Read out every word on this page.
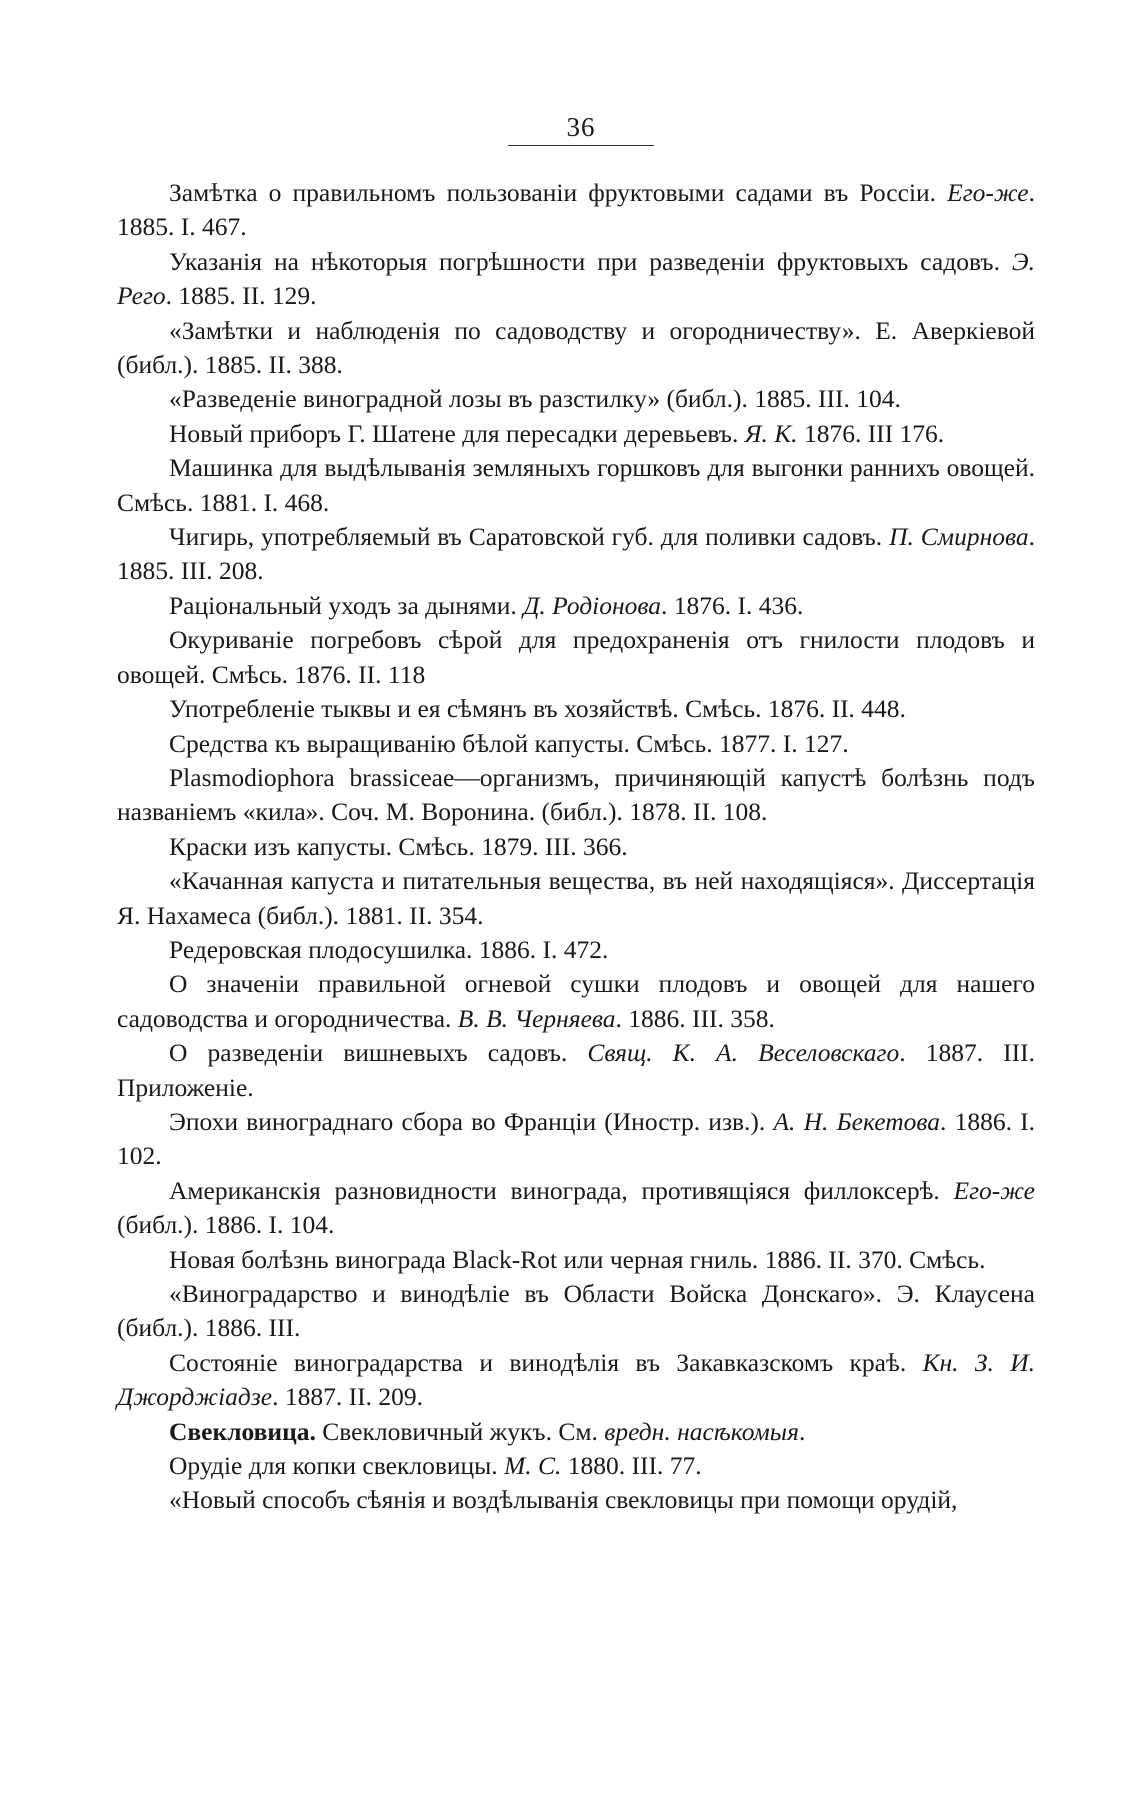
36

Замѣтка о правильномъ пользованіи фруктовыми садами въ Россіи. Его-же. 1885. I. 467.

Указанія на нѣкоторыя погрѣшности при разведеніи фруктовыхъ садовъ. Э. Рего. 1885. II. 129.

«Замѣтки и наблюденія по садоводству и огородничеству». Е. Аверкіевой (библ.). 1885. II. 388.

«Разведеніе виноградной лозы въ разстилку» (библ.). 1885. III. 104.

Новый приборъ Г. Шатене для пересадки деревьевъ. Я. К. 1876. III 176.

Машинка для выдѣлыванія земляныхъ горшковъ для выгонки раннихъ овощей. Смѣсь. 1881. I. 468.

Чигирь, употребляемый въ Саратовской губ. для поливки садовъ. П. Смирнова. 1885. III. 208.

Раціональный уходъ за дынями. Д. Родіонова. 1876. I. 436.

Окуриваніе погребовъ сѣрой для предохраненія отъ гнилости плодовъ и овощей. Смѣсь. 1876. II. 118

Употребленіе тыквы и ея сѣмянъ въ хозяйствѣ. Смѣсь. 1876. II. 448.

Средства къ выращиванію бѣлой капусты. Смѣсь. 1877. I. 127.

Plasmodiophora brassiceae—организмъ, причиняющій капустѣ болѣзнь подъ названіемъ «кила». Соч. М. Воронина. (библ.). 1878. II. 108.

Краски изъ капусты. Смѣсь. 1879. III. 366.

«Качанная капуста и питательныя вещества, въ ней находящіяся». Диссертація Я. Нахамеса (библ.). 1881. II. 354.

Редеровская плодосушилка. 1886. I. 472.

О значеніи правильной огневой сушки плодовъ и овощей для нашего садоводства и огородничества. В. В. Черняева. 1886. III. 358.

О разведеніи вишневыхъ садовъ. Свящ. К. А. Веселовскаго. 1887. III. Приложеніе.

Эпохи винограднаго сбора во Франціи (Иностр. изв.). А. Н. Бекетова. 1886. I. 102.

Американскія разновидности винограда, противящіяся филлоксерѣ. Его-же (библ.). 1886. I. 104.

Новая болѣзнь винограда Black-Rot или черная гниль. 1886. II. 370. Смѣсь.

«Виноградарство и винодѣліе въ Области Войска Донскаго». Э. Клаусена (библ.). 1886. III.

Состояніе виноградарства и винодѣлія въ Закавказскомъ краѣ. Кн. З. И. Джорджіадзе. 1887. II. 209.

Свекловица. Свекловичный жукъ. См. вредн. насѣкомыя.

Орудіе для копки свекловицы. М. С. 1880. III. 77.

«Новый способъ сѣянія и воздѣлыванія свекловицы при помощи орудій,
